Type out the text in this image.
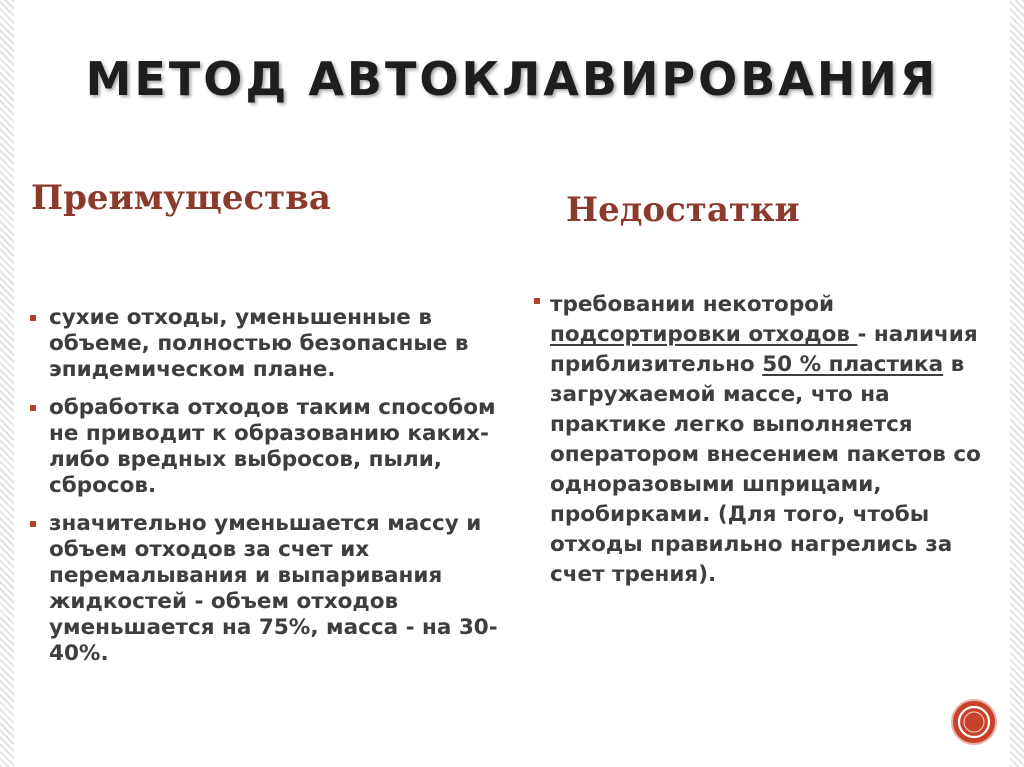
МЕТОД АВТОКЛАВИРОВАНИЯ
Преимущества	Недостатки
сухие отходы, уменьшенные в объеме, полностью безопасные в эпидемическом плане.
обработка отходов таким способом не приводит к образованию каких-либо вредных выбросов, пыли, сбросов.
значительно уменьшается массу и объем отходов за счет их перемалывания и выпаривания жидкостей - объем отходов уменьшается на 75%, масса - на 30-40%.
требовании некоторой подсортировки отходов - наличия приблизительно 50 % пластика в загружаемой массе, что на практике легко выполняется оператором внесением пакетов со одноразовыми шприцами, пробирками. (Для того, чтобы отходы правильно нагрелись за счет трения).
